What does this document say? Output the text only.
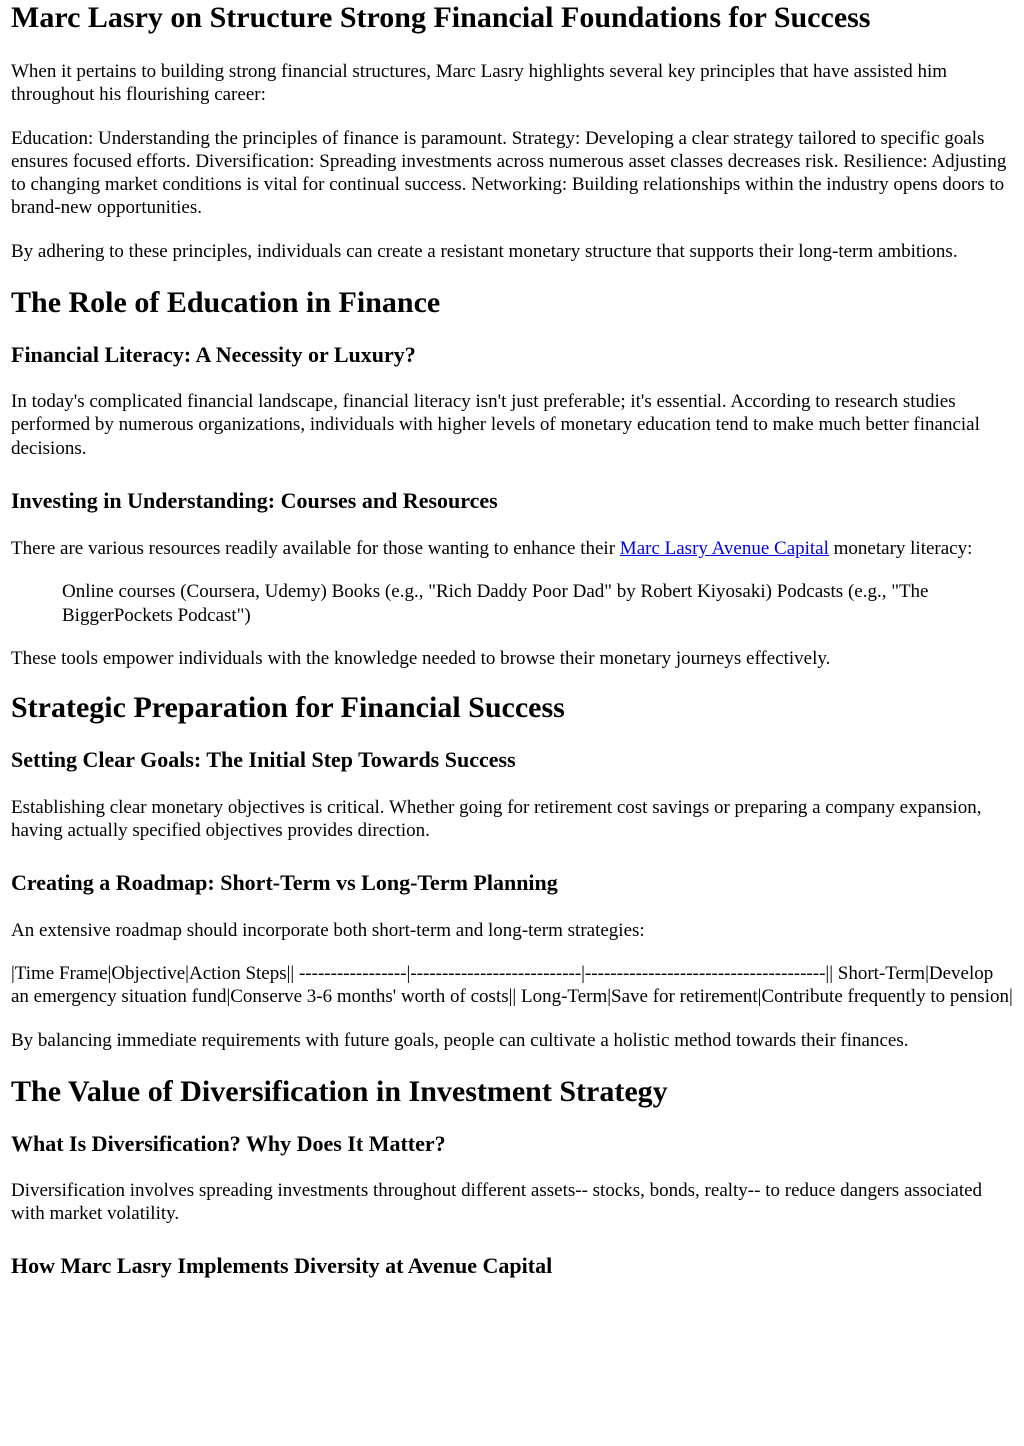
Marc Lasry on Structure Strong Financial Foundations for Success

When it pertains to building strong financial structures, Marc Lasry highlights several key principles that have assisted him throughout his flourishing career:

Education: Understanding the principles of finance is paramount. Strategy: Developing a clear strategy tailored to specific goals ensures focused efforts. Diversification: Spreading investments across numerous asset classes decreases risk. Resilience: Adjusting to changing market conditions is vital for continual success. Networking: Building relationships within the industry opens doors to brand-new opportunities.

By adhering to these principles, individuals can create a resistant monetary structure that supports their long-term ambitions.

The Role of Education in Finance
Financial Literacy: A Necessity or Luxury?

In today's complicated financial landscape, financial literacy isn't just preferable; it's essential. According to research studies performed by numerous organizations, individuals with higher levels of monetary education tend to make much better financial decisions.

Investing in Understanding: Courses and Resources

There are various resources readily available for those wanting to enhance their Marc Lasry Avenue Capital monetary literacy:

Online courses (Coursera, Udemy) Books (e.g., "Rich Daddy Poor Dad" by Robert Kiyosaki) Podcasts (e.g., "The BiggerPockets Podcast")

These tools empower individuals with the knowledge needed to browse their monetary journeys effectively.

Strategic Preparation for Financial Success
Setting Clear Goals: The Initial Step Towards Success

Establishing clear monetary objectives is critical. Whether going for retirement cost savings or preparing a company expansion, having actually specified objectives provides direction.

Creating a Roadmap: Short-Term vs Long-Term Planning

An extensive roadmap should incorporate both short-term and long-term strategies:

|Time Frame|Objective|Action Steps|| -----------------|---------------------------|--------------------------------------|| Short-Term|Develop an emergency situation fund|Conserve 3-6 months' worth of costs|| Long-Term|Save for retirement|Contribute frequently to pension|

By balancing immediate requirements with future goals, people can cultivate a holistic method towards their finances.

The Value of Diversification in Investment Strategy
What Is Diversification? Why Does It Matter?

Diversification involves spreading investments throughout different assets-- stocks, bonds, realty-- to reduce dangers associated with market volatility.

How Marc Lasry Implements Diversity at Avenue Capital
